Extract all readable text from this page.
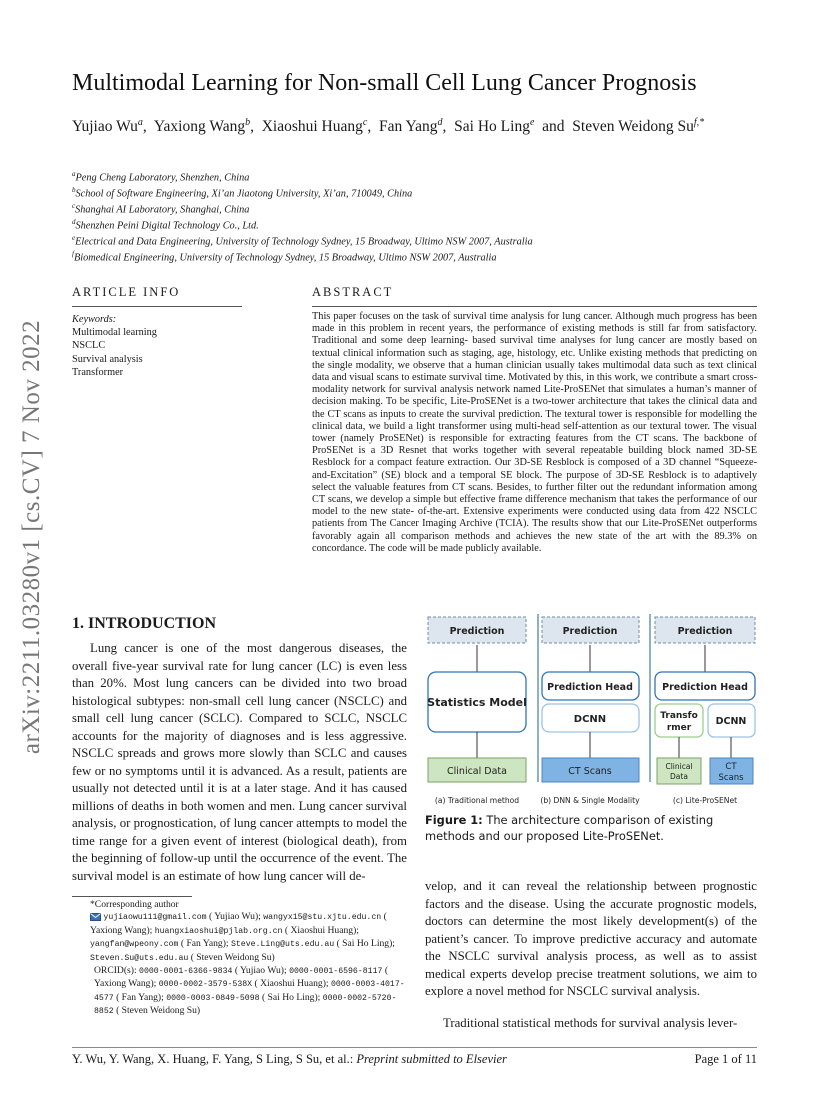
arXiv:2211.03280v1 [cs.CV] 7 Nov 2022
Multimodal Learning for Non-small Cell Lung Cancer Prognosis
Yujiao Wu$^a$, Yaxiong Wang$^b$, Xiaoshui Huang$^c$, Fan Yang$^d$, Sai Ho Ling$^e$ and Steven Weidong $Su^{f,*}$
$^a$Peng Cheng Laboratory, Shenzhen, China
$^b$School of Software Engineering, Xi’an Jiaotong University, Xi’an, 710049, China
$^c$Shanghai AI Laboratory, Shanghai, China
$^d$Shenzhen Peini Digital Technology Co., Ltd.
$^e$Electrical and Data Engineering, University of Technology Sydney, 15 Broadway, Ultimo NSW 2007, Australia
$^f$Biomedical Engineering, University of Technology Sydney, 15 Broadway, Ultimo NSW 2007, Australia
ARTICLE INFO
Keywords:
Multimodal learning
NSCLC
Survival analysis
Transformer
ABSTRACT
This paper focuses on the task of survival time analysis for lung cancer. Although much progress has been made in this problem in recent years, the performance of existing methods is still far from satisfactory. Traditional and some deep learning- based survival time analyses for lung cancer are mostly based on textual clinical information such as staging, age, histology, etc. Unlike existing methods that predicting on the single modality, we observe that a human clinician usually takes multimodal data such as text clinical data and visual scans to estimate survival time. Motivated by this, in this work, we contribute a smart cross-modality network for survival analysis network named Lite-ProSENet that simulates a human’s manner of decision making. To be specific, Lite-ProSENet is a two-tower architecture that takes the clinical data and the CT scans as inputs to create the survival prediction. The textural tower is responsible for modelling the clinical data, we build a light transformer using multi-head self-attention as our textural tower. The visual tower (namely ProSENet) is responsible for extracting features from the CT scans. The backbone of ProSENet is a 3D Resnet that works together with several repeatable building block named 3D-SE Resblock for a compact feature extraction. Our 3D-SE Resblock is composed of a 3D channel “Squeeze-and-Excitation” (SE) block and a temporal SE block. The purpose of 3D-SE Resblock is to adaptively select the valuable features from CT scans. Besides, to further filter out the redundant information among CT scans, we develop a simple but effective frame difference mechanism that takes the performance of our model to the new state- of-the-art. Extensive experiments were conducted using data from 422 NSCLC patients from The Cancer Imaging Archive (TCIA). The results show that our Lite-ProSENet outperforms favorably again all comparison methods and achieves the new state of the art with the 89.3% on concordance. The code will be made publicly available.
1. INTRODUCTION
Lung cancer is one of the most dangerous diseases, the overall five-year survival rate for lung cancer (LC) is even less than 20%. Most lung cancers can be divided into two broad histological subtypes: non-small cell lung cancer (NSCLC) and small cell lung cancer (SCLC). Compared to SCLC, NSCLC accounts for the majority of diagnoses and is less aggressive. NSCLC spreads and grows more slowly than SCLC and causes few or no symptoms until it is advanced. As a result, patients are usually not detected until it is at a later stage. And it has caused millions of deaths in both women and men. Lung cancer survival analysis, or prognostication, of lung cancer attempts to model the time range for a given event of interest (biological death), from the beginning of follow-up until the occurrence of the event. The survival model is an estimate of how lung cancer will de-
Prediction
Statistics Model
Clinical Data
(a) Traditional method
Prediction
Prediction Head
DCNN
CT Scans
(b) DNN & Single Modality
Prediction
Prediction Head
Transfo
rmer
DCNN
Clinical
Data
CT
Scans
(c) Lite-ProSENet
Figure 1: The architecture comparison of existing methods and our proposed Lite-ProSENet.
velop, and it can reveal the relationship between prognostic factors and the disease. Using the accurate prognostic models, doctors can determine the most likely development(s) of the patient’s cancer. To improve predictive accuracy and automate the NSCLC survival analysis process, as well as to assist medical experts develop precise treatment solutions, we aim to explore a novel method for NSCLC survival analysis.
Traditional statistical methods for survival analysis lever-
*Corresponding author
yujiaowu111@gmail.com ( Yujiao Wu); wangyx15@stu.xjtu.edu.cn ( Yaxiong Wang); huangxiaoshui@pjlab.org.cn ( Xiaoshui Huang); yangfan@wpeony.com ( Fan Yang); Steve.Ling@uts.edu.au ( Sai Ho Ling); Steven.Su@uts.edu.au ( Steven Weidong Su)
ORCID(s): 0000-0001-6366-9834 ( Yujiao Wu); 0000-0001-6596-8117 ( Yaxiong Wang); 0000-0002-3579-538X ( Xiaoshui Huang); 0000-0003-4017-4577 ( Fan Yang); 0000-0003-0849-5098 ( Sai Ho Ling); 0000-0002-5720-8852 ( Steven Weidong Su)
Y. Wu, Y. Wang, X. Huang, F. Yang, S Ling, S Su, et al.: Preprint submitted to Elsevier	Page 1 of 11
